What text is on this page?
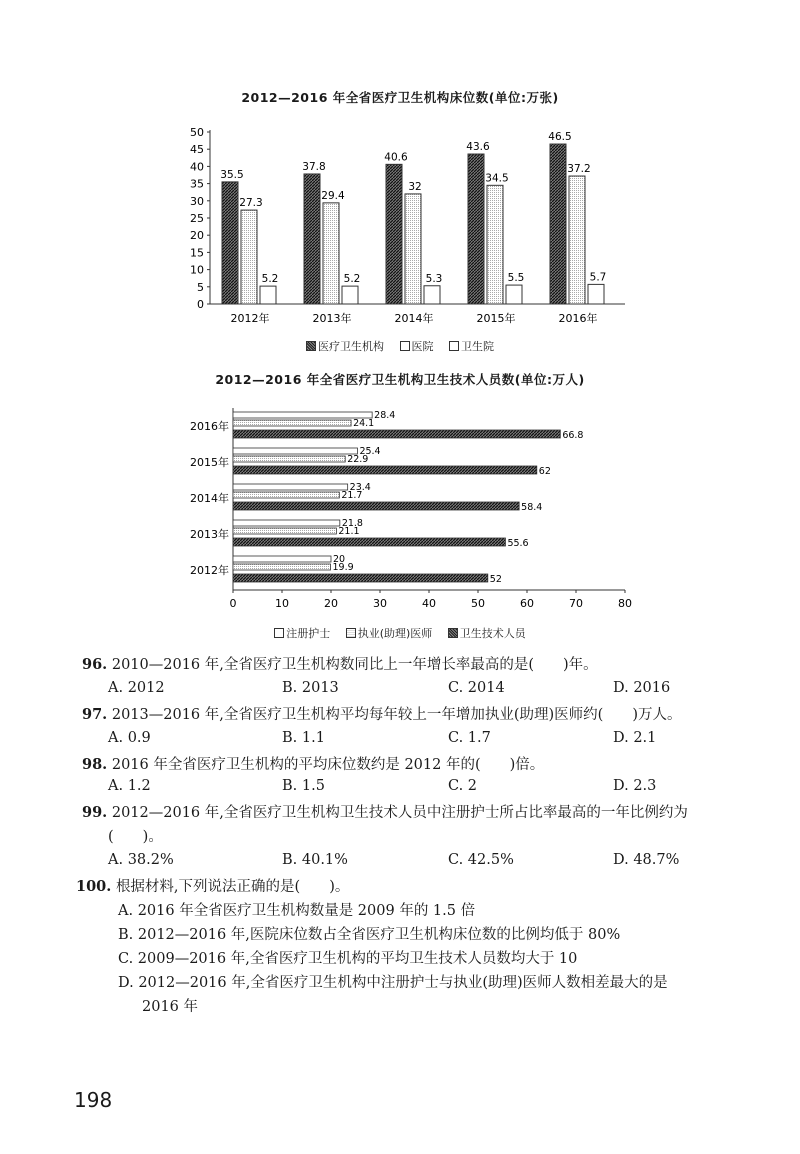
2012—2016 年全省医疗卫生机构床位数(单位:万张)
0
5
10
15
20
25
30
35
40
45
50
35.5
27.3
5.2
2012年
37.8
29.4
5.2
2013年
40.6
32
5.3
2014年
43.6
34.5
5.5
2015年
46.5
37.2
5.7
2016年
医疗卫生机构	医院	卫生院
2012—2016 年全省医疗卫生机构卫生技术人员数(单位:万人)
0	10	20	30	40	50	60	70	80
28.4
24.1
66.8
2016年
25.4
22.9
62
2015年
23.4
21.7
58.4
2014年
21.8
21.1
55.6
2013年
20
19.9
52
2012年
注册护士	执业(助理)医师	卫生技术人员
96. 2010—2016 年,全省医疗卫生机构数同比上一年增长率最高的是(　　)年。
A. 2012	B. 2013	C. 2014	D. 2016
97. 2013—2016 年,全省医疗卫生机构平均每年较上一年增加执业(助理)医师约(　　)万人。
A. 0.9	B. 1.1	C. 1.7	D. 2.1
98. 2016 年全省医疗卫生机构的平均床位数约是 2012 年的(　　)倍。
A. 1.2	B. 1.5	C. 2	D. 2.3
99. 2012—2016 年,全省医疗卫生机构卫生技术人员中注册护士所占比率最高的一年比例约为
(　　)。
A. 38.2%	B. 40.1%	C. 42.5%	D. 48.7%
100. 根据材料,下列说法正确的是(　　)。
A. 2016 年全省医疗卫生机构数量是 2009 年的 1.5 倍
B. 2012—2016 年,医院床位数占全省医疗卫生机构床位数的比例均低于 80%
C. 2009—2016 年,全省医疗卫生机构的平均卫生技术人员数均大于 10
D. 2012—2016 年,全省医疗卫生机构中注册护士与执业(助理)医师人数相差最大的是
2016 年
198
